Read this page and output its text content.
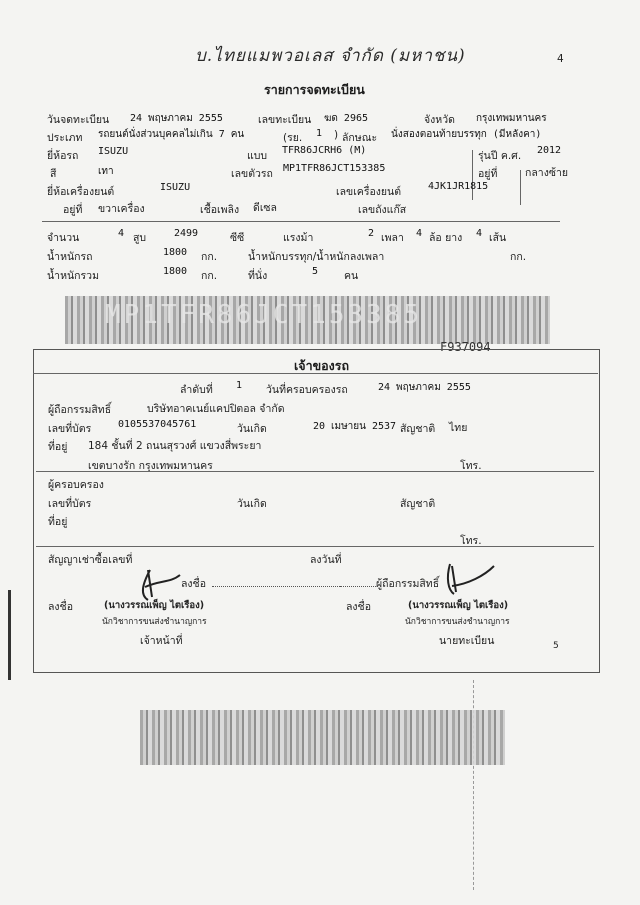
บ.ไทยแมพวอเลส จำกัด (มหาชน)	4
รายการจดทะเบียน
วันจดทะเบียน 24 พฤษภาคม 2555	เลขทะเบียน ฆด 2965	จังหวัด กรุงเทพมหานคร
ประเภท รถยนต์นั่งส่วนบุคคลไม่เกิน 7 คน	(รย. 1 ) ลักษณะ นั่งสองตอนท้ายบรรทุก (มีหลังคา)
ยี่ห้อรถ ISUZU	แบบ TFR86JCRH6 (M)	รุ่นปี ค.ศ. 2012
สี	เทา	เลขตัวรถ MP1TFR86JCT153385	อยู่ที่	กลางซ้าย
ยี่ห้อเครื่องยนต์	ISUZU	เลขเครื่องยนต์	4JK1JR1815
อยู่ที่ ขวาเครื่อง	เชื้อเพลิง ดีเซล	เลขถังแก๊ส
จำนวน	4 สูบ	2499	ซีซี	แรงม้า	2 เพลา 4 ล้อ ยาง 4 เส้น
น้ำหนักรถ	1800 กก.	น้ำหนักบรรทุก/น้ำหนักลงเพลา	กก.
น้ำหนักรวม	1800 กก.	ที่นั่ง	5 คน
MP1TFR86JCT153385
F937094
เจ้าของรถ
ลำดับที่ 1 วันที่ครอบครองรถ	24 พฤษภาคม 2555
ผู้ถือกรรมสิทธิ์	บริษัทอาคเนย์แคปปิตอล จำกัด
เลขที่บัตร	0105537045761	วันเกิด	20 เมษายน 2537 สัญชาติ ไทย
ที่อยู่ 184 ชั้นที่ 2 ถนนสุรวงศ์ แขวงสี่พระยา
เขตบางรัก กรุงเทพมหานคร	โทร.
ผู้ครอบครอง
เลขที่บัตร	วันเกิด	สัญชาติ
ที่อยู่
โทร.
สัญญาเช่าซื้อเลขที่	ลงวันที่
ลงชื่อ	ผู้ถือกรรมสิทธิ์
ลงชื่อ	(นางวรรณเพ็ญ ไตเรือง)
นักวิชาการขนส่งชำนาญการ
เจ้าหน้าที่
ลงชื่อ	(นางวรรณเพ็ญ ไตเรือง)
นักวิชาการขนส่งชำนาญการ
นายทะเบียน	5
